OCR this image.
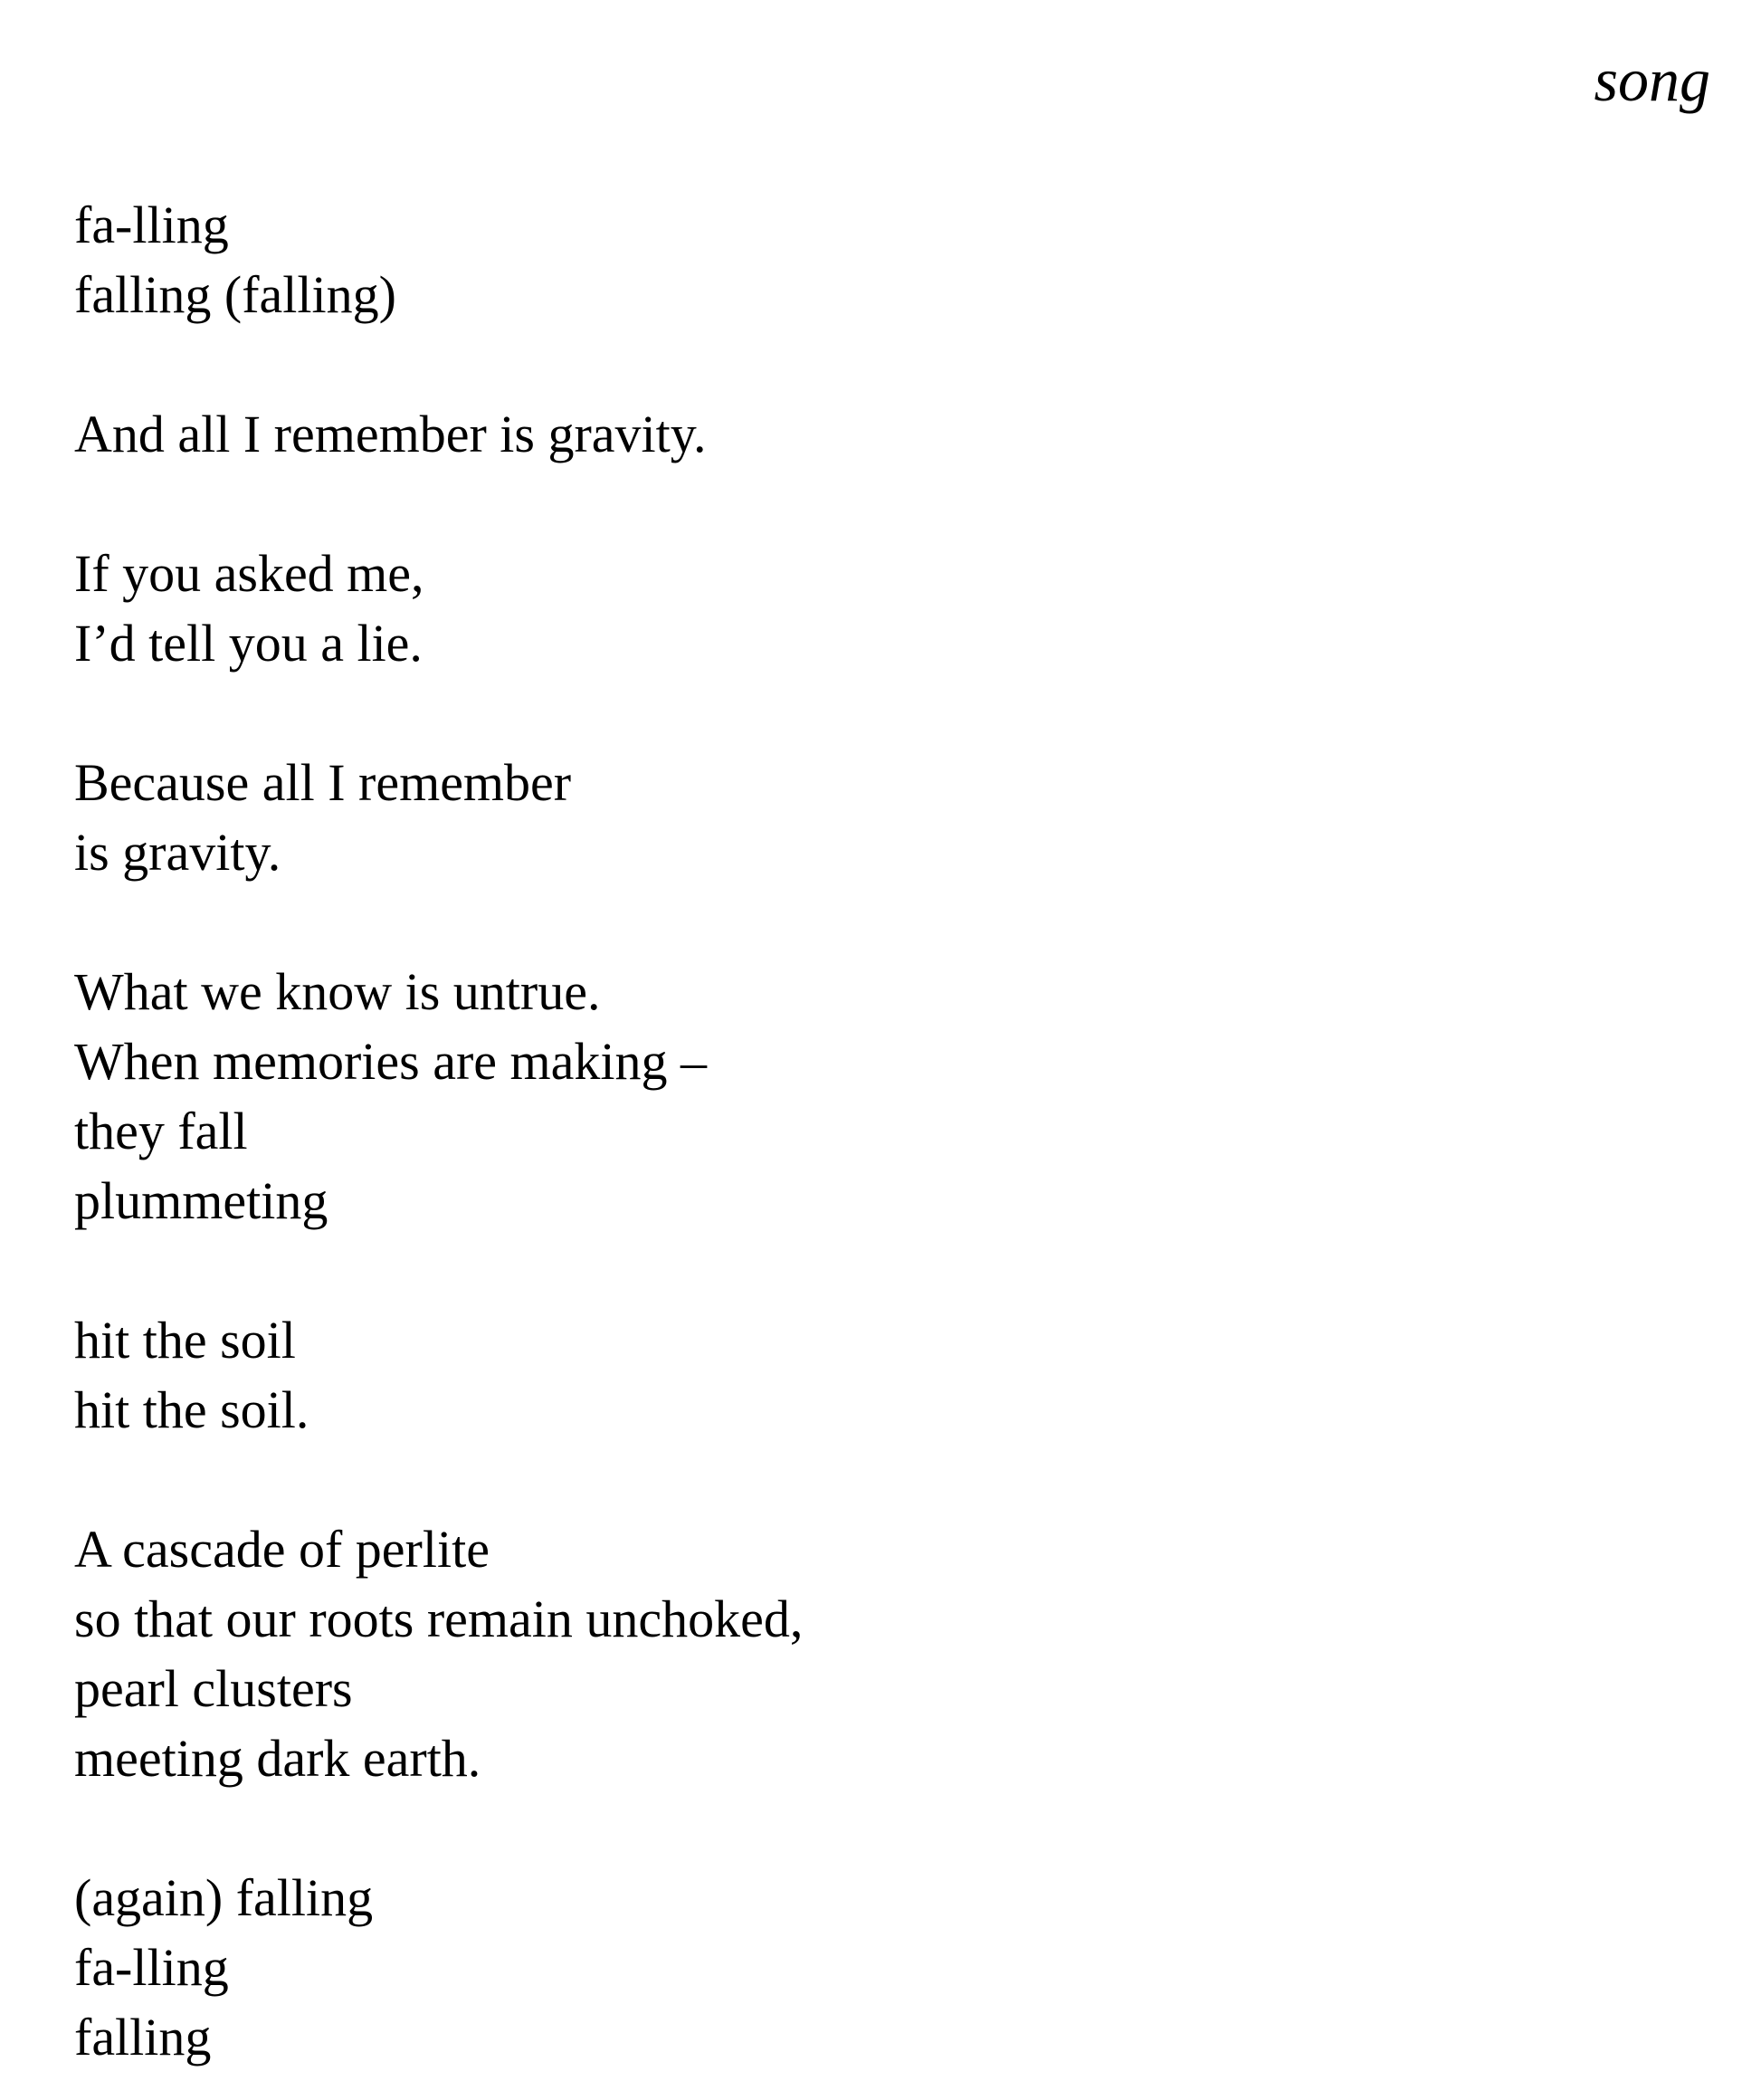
song
fa-lling
falling (falling)
And all I remember is gravity.
If you asked me,
I’d tell you a lie.
Because all I remember
is gravity.
What we know is untrue.
When memories are making –
they fall
plummeting
hit the soil
hit the soil.
A cascade of perlite
so that our roots remain unchoked,
pearl clusters
meeting dark earth.
(again) falling
fa-lling
falling
